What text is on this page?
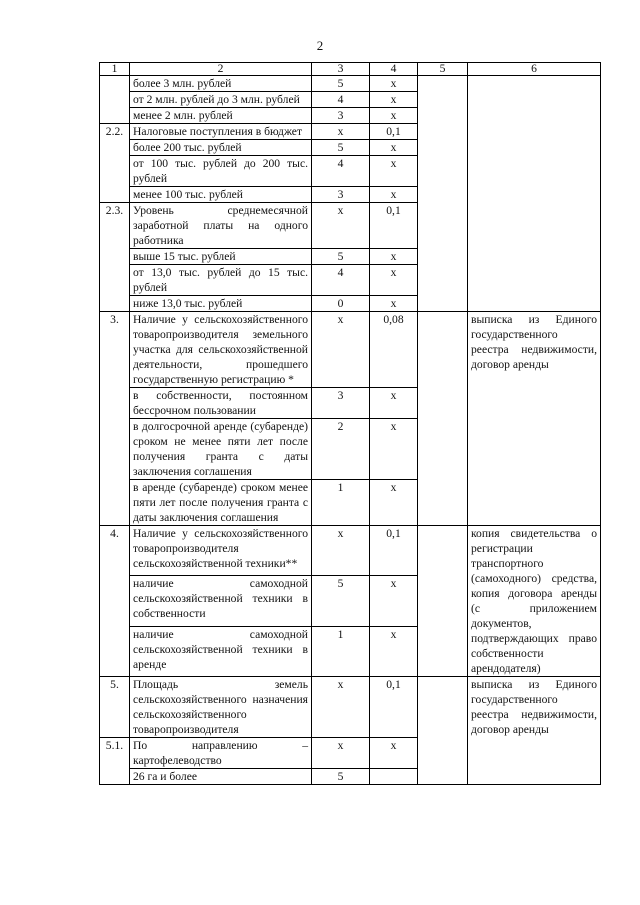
2
1	2	3	4	5	6
	более 3 млн. рублей	5	x		
	от 2 млн. рублей до 3 млн. рублей	4	x		
	менее 2 млн. рублей	3	x		
2.2.	Налоговые поступления в бюджет	x	0,1		
	более 200 тыс. рублей	5	x		
	от 100 тыс. рублей до 200 тыс. рублей	4	x		
	менее 100 тыс. рублей	3	x		
2.3.	Уровень среднемесячной заработной платы на одного работника	x	0,1		
	выше 15 тыс. рублей	5	x		
	от 13,0 тыс. рублей до 15 тыс. рублей	4	x		
	ниже 13,0 тыс. рублей	0	x		
3.	Наличие у сельскохозяйственного товаропроизводителя земельного участка для сельскохозяйственной деятельности, прошедшего государственную регистрацию *	x	0,08		выписка из Единого государственного реестра недвижимости, договор аренды
	в собственности, постоянном бессрочном пользовании	3	x		
	в долгосрочной аренде (субаренде) сроком не менее пяти лет после получения гранта с даты заключения соглашения	2	x		
	в аренде (субаренде) сроком менее пяти лет после получения гранта с даты заключения соглашения	1	x		
4.	Наличие у сельскохозяйственного товаропроизводителя сельскохозяйственной техники**	x	0,1		копия свидетельства о регистрации транспортного (самоходного) средства, копия договора аренды (с приложением документов, подтверждающих право собственности арендодателя)
	наличие самоходной сельскохозяйственной техники в собственности	5	x		
	наличие самоходной сельскохозяйственной техники в аренде	1	x		
5.	Площадь земель сельскохозяйственного назначения сельскохозяйственного товаропроизводителя	x	0,1		выписка из Единого государственного реестра недвижимости, договор аренды
5.1.	По направлению – картофелеводство	x	x		
	26 га и более	5			
